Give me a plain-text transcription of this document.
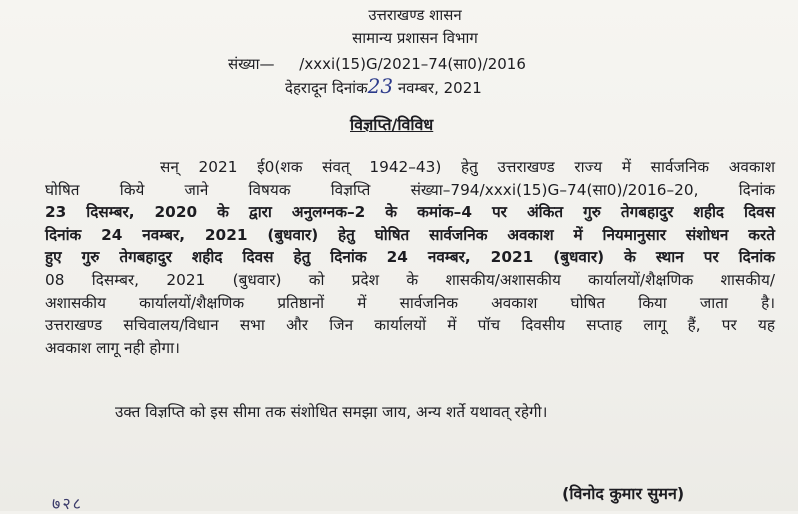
उत्तराखण्ड शासन
सामान्य प्रशासन विभाग
संख्या— /xxxi(15)G/2021–74(सा0)/2016
देहरादून दिनांक23 नवम्बर, 2021
विज्ञप्ति/विविध
सन् 2021 ई0(शक संवत् 1942–43) हेतु उत्तराखण्ड राज्य में सार्वजनिक अवकाश
घोषित किये जाने विषयक विज्ञप्ति संख्या–794/xxxi(15)G–74(सा0)/2016–20, दिनांक
23 दिसम्बर, 2020 के द्वारा अनुलग्नक–2 के कमांक–4 पर अंकित गुरु तेगबहादुर शहीद दिवस
दिनांक 24 नवम्बर, 2021 (बुधवार) हेतु घोषित सार्वजनिक अवकाश में नियमानुसार संशोधन करते
हुए गुरु तेगबहादुर शहीद दिवस हेतु दिनांक 24 नवम्बर, 2021 (बुधवार) के स्थान पर दिनांक
08 दिसम्बर, 2021 (बुधवार) को प्रदेश के शासकीय/अशासकीय कार्यालयों/शैक्षणिक शासकीय/
अशासकीय कार्यालयों/शैक्षणिक प्रतिष्ठानों में सार्वजनिक अवकाश घोषित किया जाता है।
उत्तराखण्ड सचिवालय/विधान सभा और जिन कार्यालयों में पॉच दिवसीय सप्ताह लागू हैं, पर यह
अवकाश लागू नही होगा।
उक्त विज्ञप्ति को इस सीमा तक संशोधित समझा जाय, अन्य शर्ते यथावत् रहेगी।
(विनोद कुमार सुमन)
७२८
